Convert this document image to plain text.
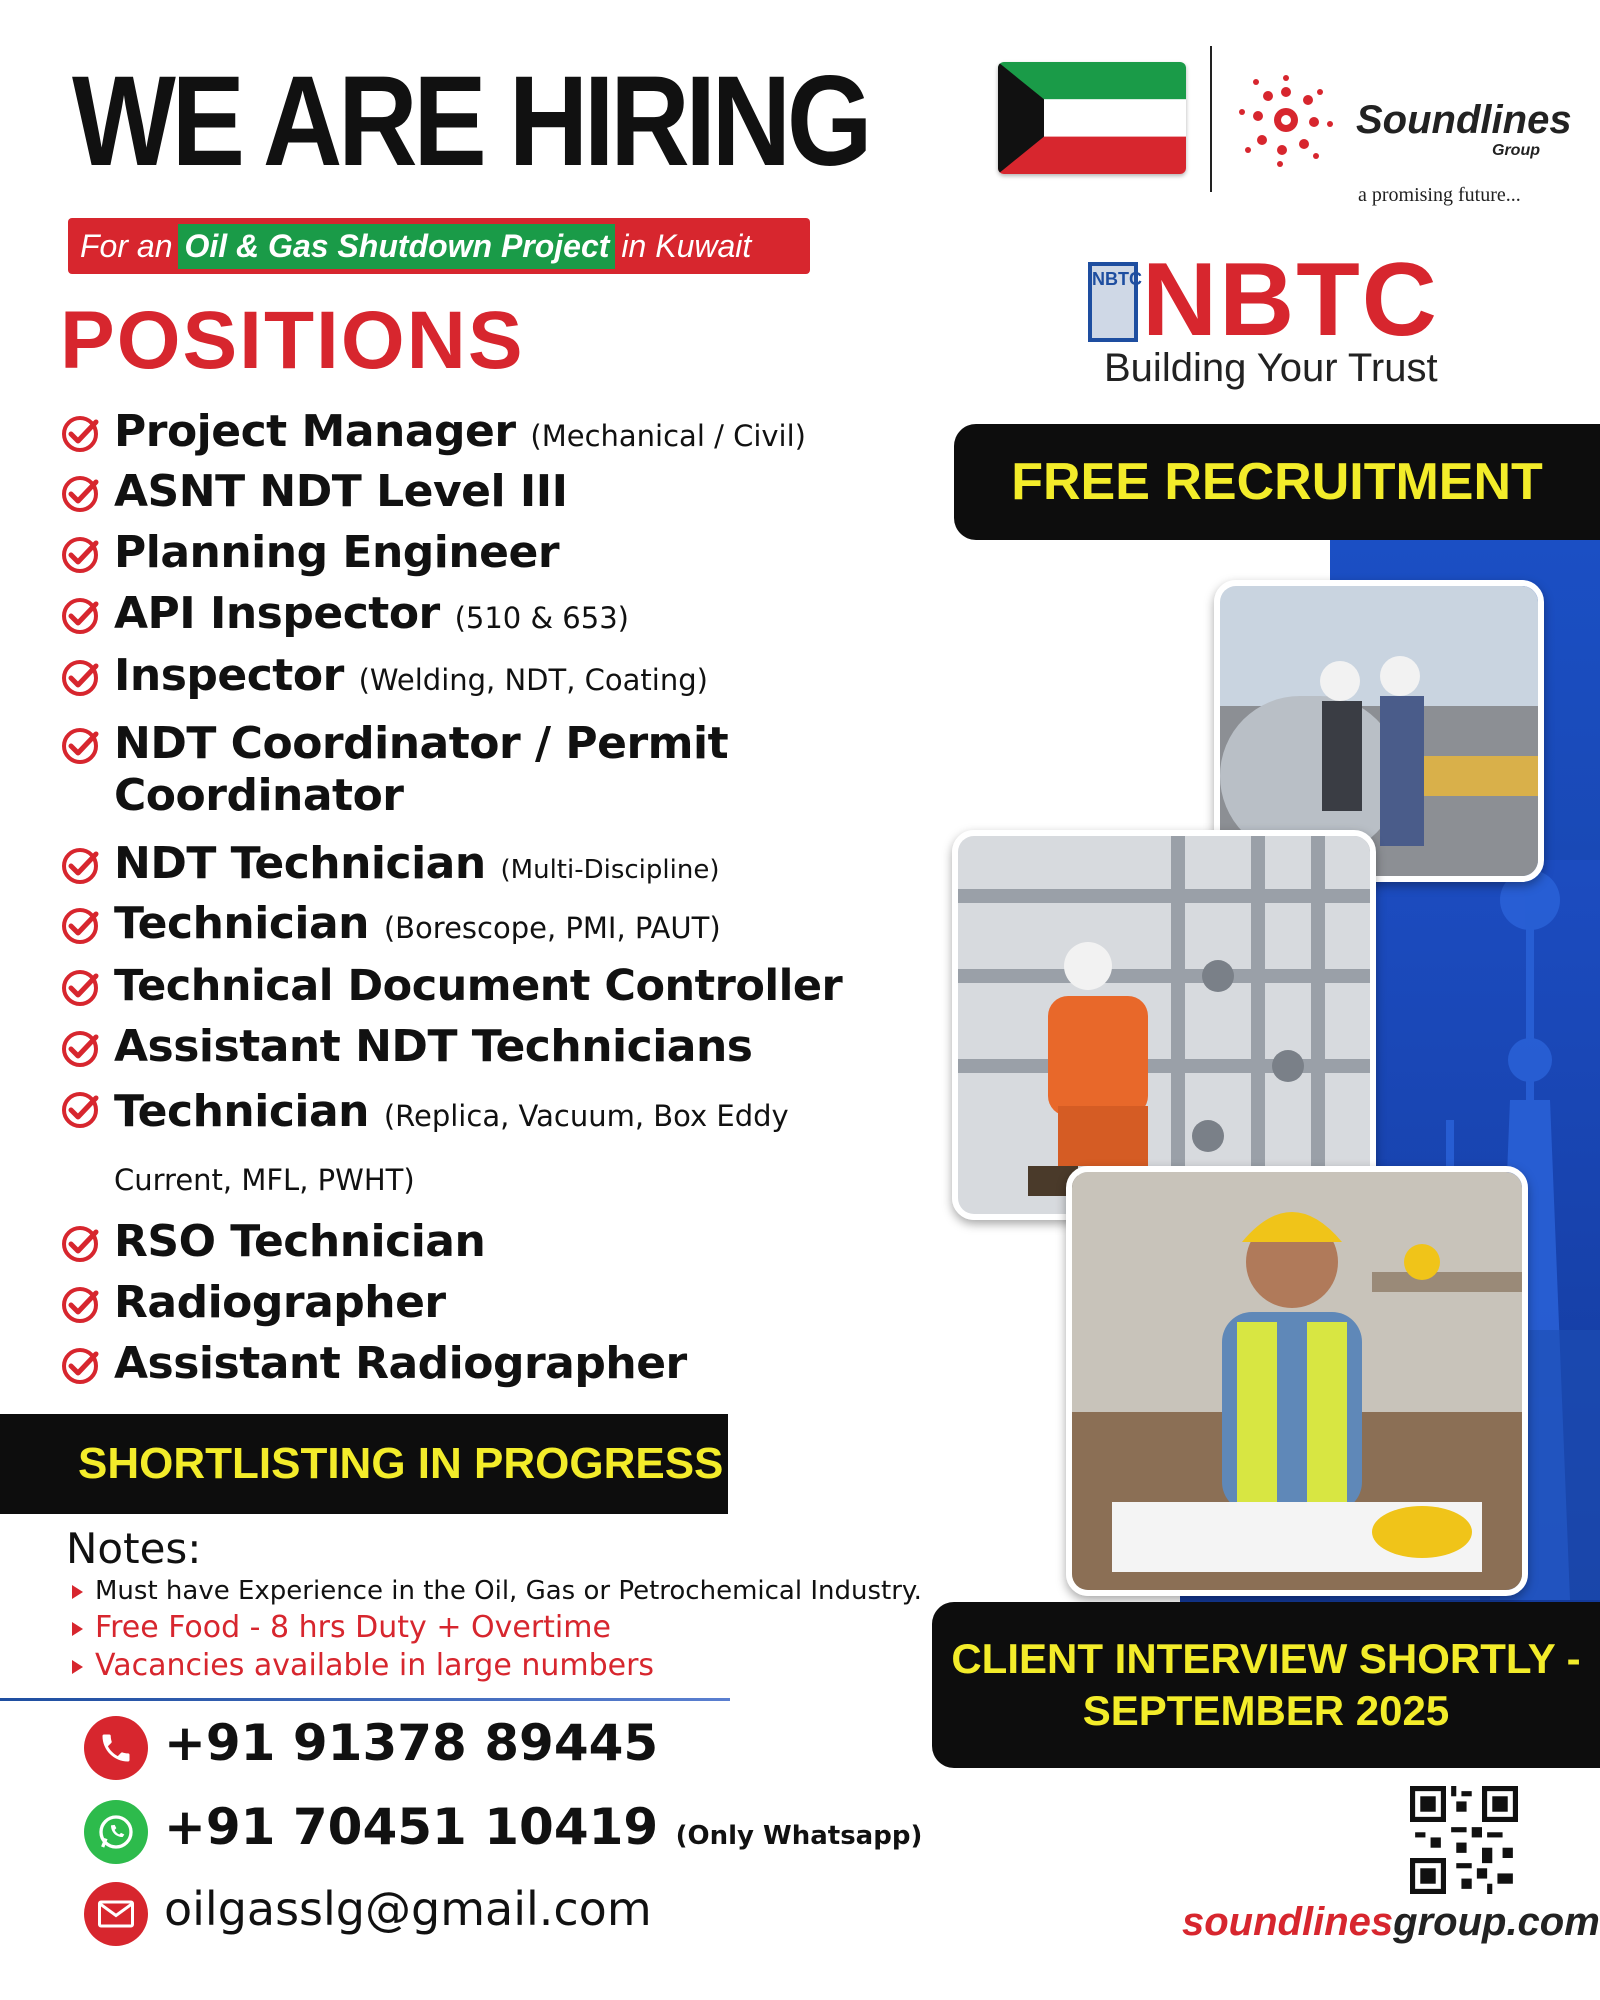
WE ARE HIRING
For an Oil & Gas Shutdown Project in Kuwait
POSITIONS
Project Manager (Mechanical / Civil)
ASNT NDT Level III
Planning Engineer
API Inspector (510 & 653)
Inspector (Welding, NDT, Coating)
NDT Coordinator / Permit Coordinator
NDT Technician (Multi-Discipline)
Technician (Borescope, PMI, PAUT)
Technical Document Controller
Assistant NDT Technicians
Technician (Replica, Vacuum, Box Eddy Current, MFL, PWHT)
RSO Technician
Radiographer
Assistant Radiographer
Soundlines
Group
a promising future...
NBTC NBTC
Building Your Trust
FREE RECRUITMENT
CLIENT INTERVIEW SHORTLY -
SEPTEMBER 2025
soundlinesgroup.com
SHORTLISTING IN PROGRESS
Notes:
Must have Experience in the Oil, Gas or Petrochemical Industry.
Free Food - 8 hrs Duty + Overtime
Vacancies available in large numbers
+91 91378 89445
+91 70451 10419 (Only Whatsapp)
oilgasslg@gmail.com
